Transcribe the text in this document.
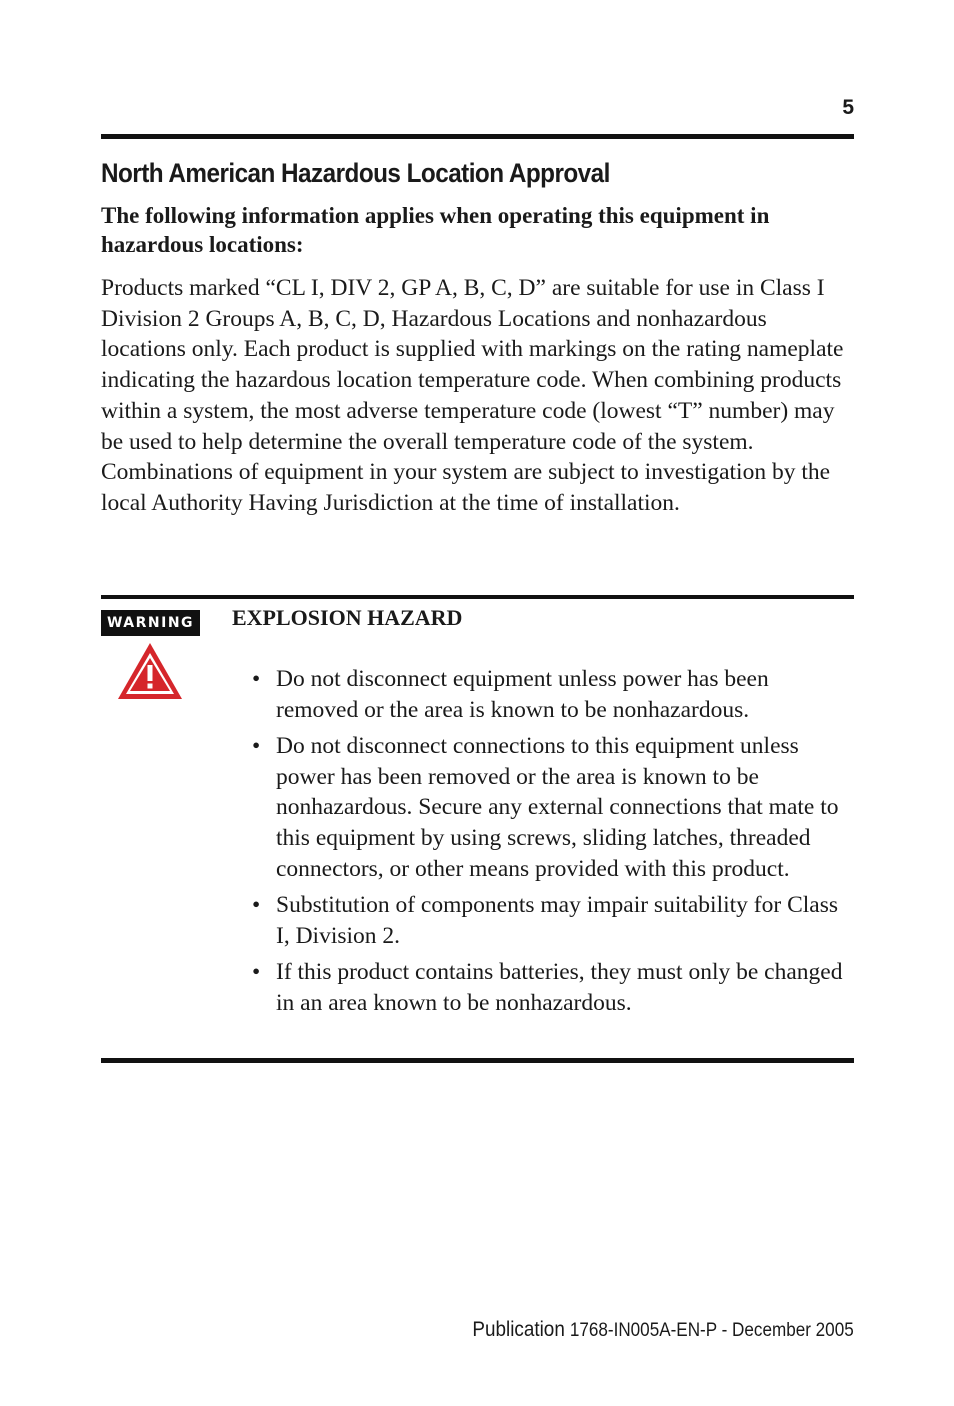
5
North American Hazardous Location Approval

The following information applies when operating this equipment in hazardous locations:

Products marked “CL I, DIV 2, GP A, B, C, D” are suitable for use in Class I Division 2 Groups A, B, C, D, Hazardous Locations and nonhazardous locations only. Each product is supplied with markings on the rating nameplate indicating the hazardous location temperature code. When combining products within a system, the most adverse temperature code (lowest “T” number) may be used to help determine the overall temperature code of the system. Combinations of equipment in your system are subject to investigation by the local Authority Having Jurisdiction at the time of installation.

WARNING EXPLOSION HAZARD
• Do not disconnect equipment unless power has been removed or the area is known to be nonhazardous.
• Do not disconnect connections to this equipment unless power has been removed or the area is known to be nonhazardous. Secure any external connections that mate to this equipment by using screws, sliding latches, threaded connectors, or other means provided with this product.
• Substitution of components may impair suitability for Class I, Division 2.
• If this product contains batteries, they must only be changed in an area known to be nonhazardous.
Publication 1768-IN005A-EN-P - December 2005
